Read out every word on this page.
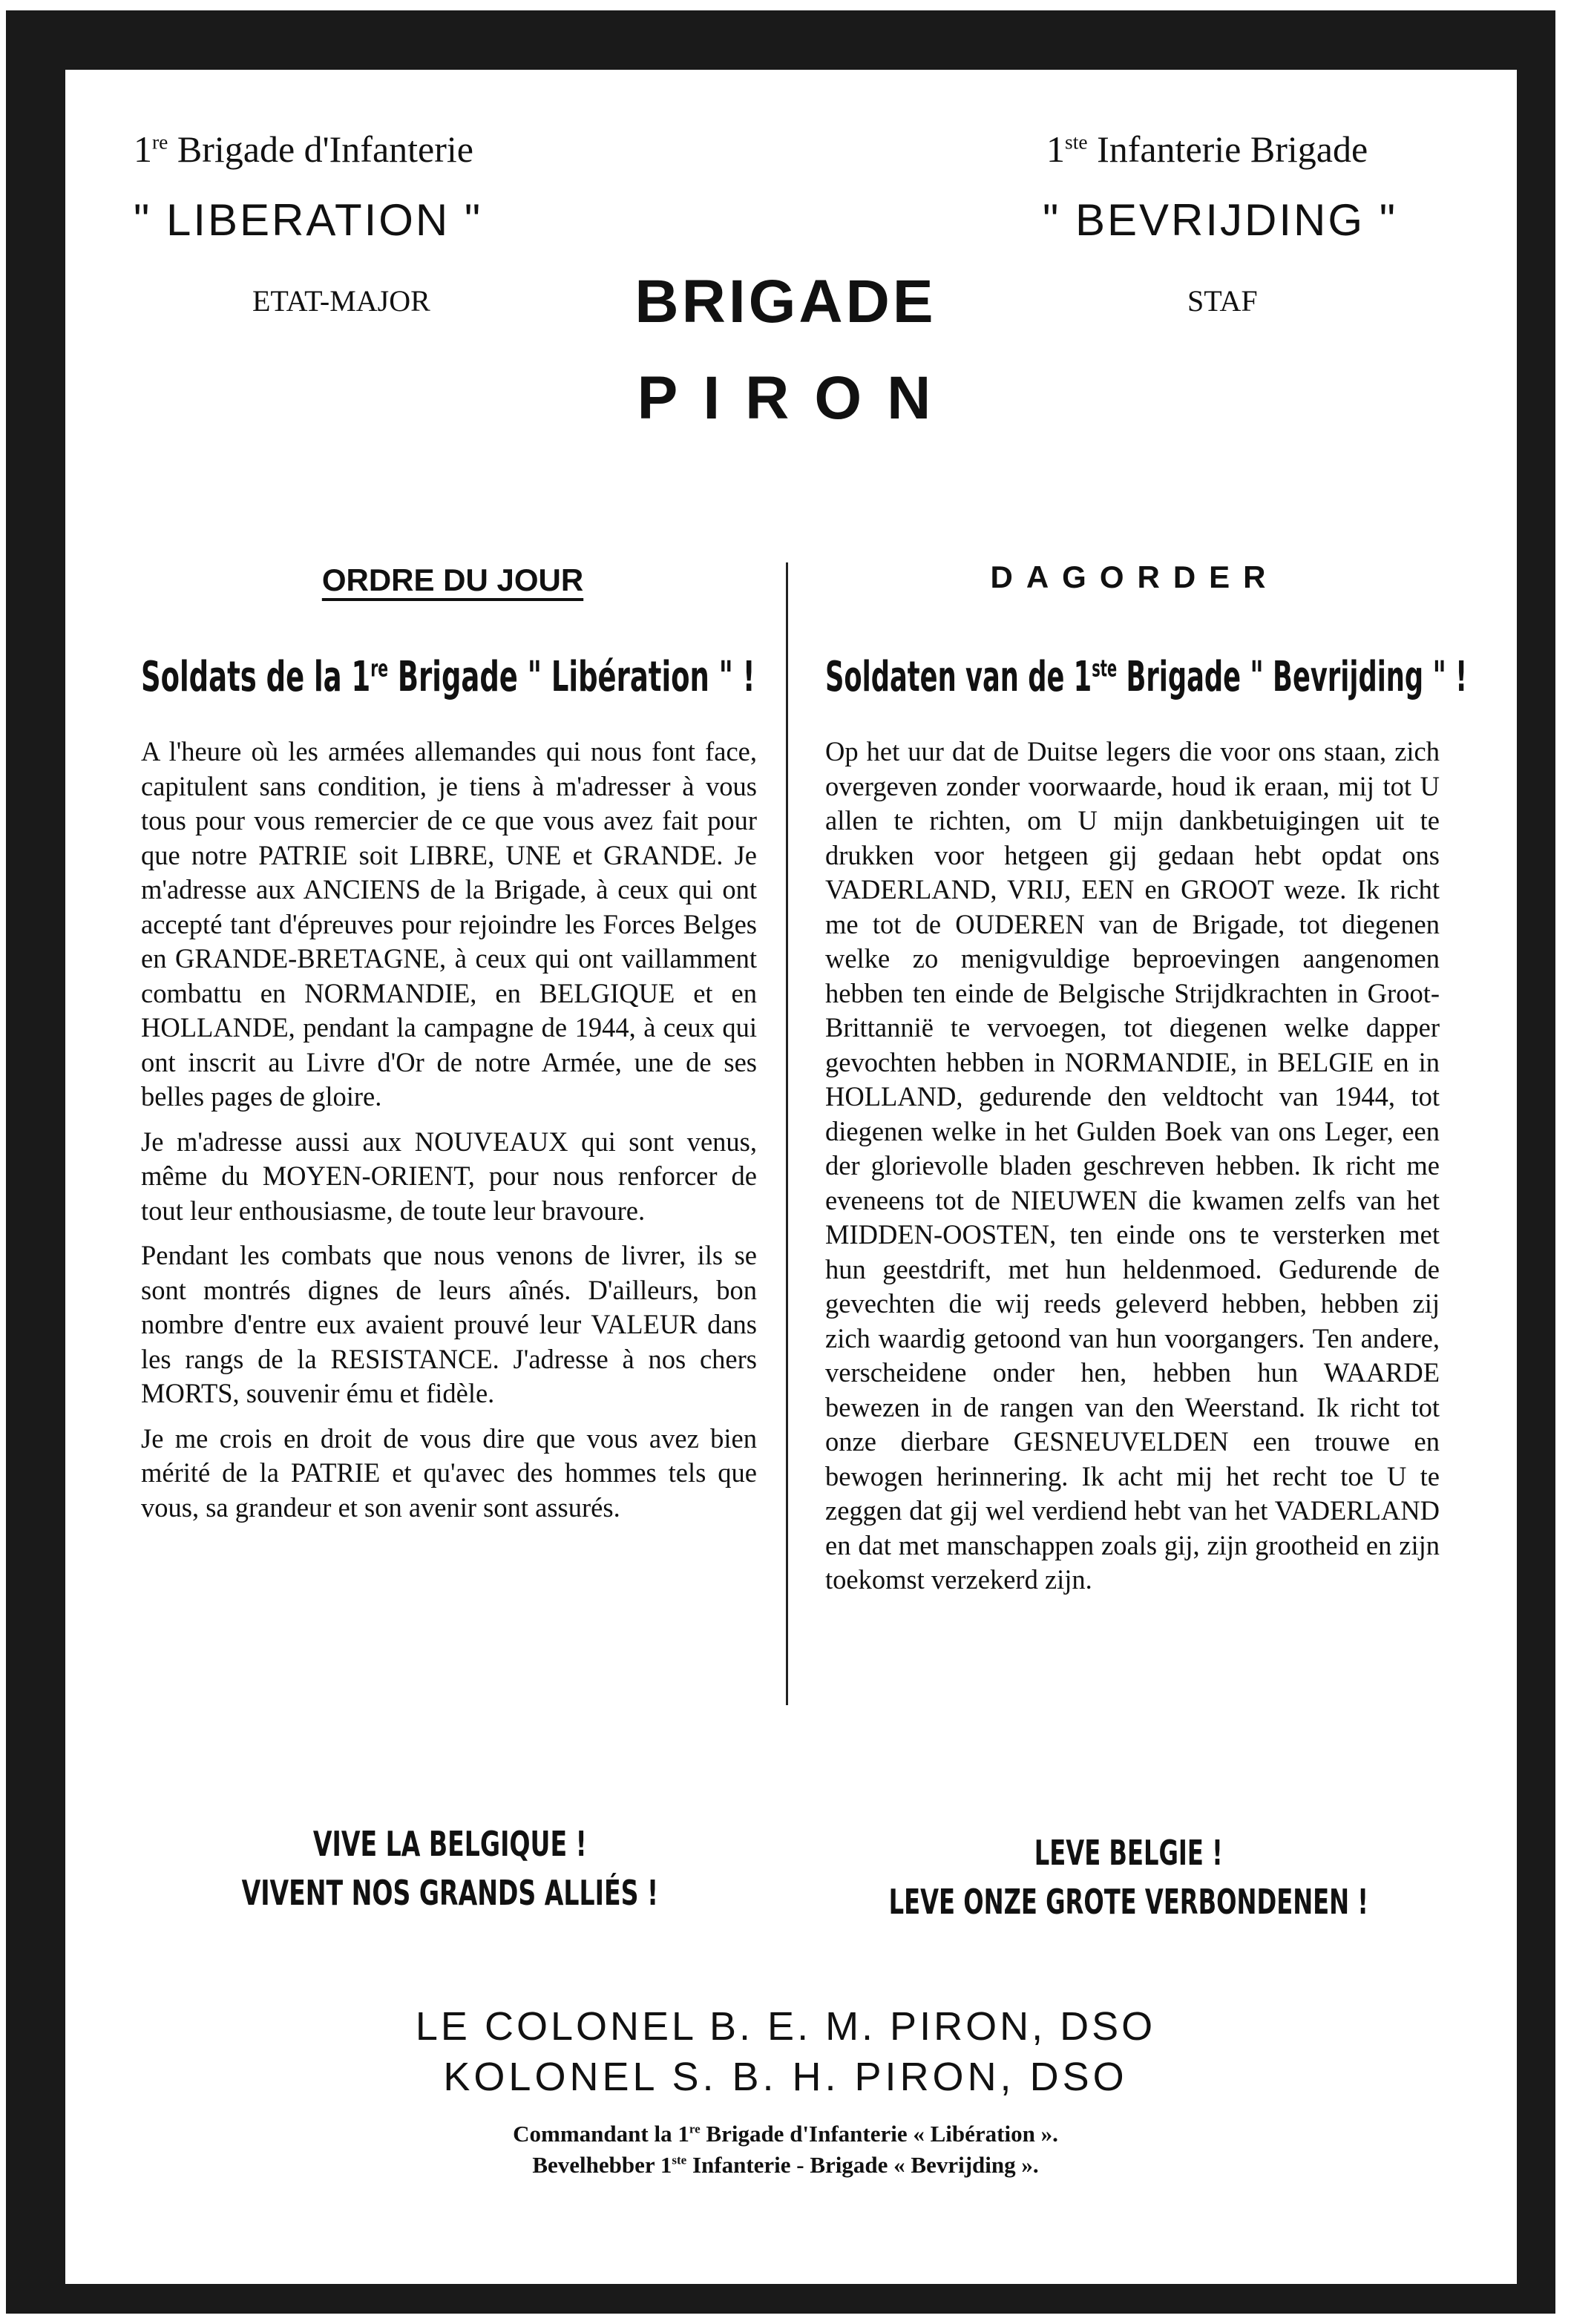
1re Brigade d'Infanterie
" LIBERATION "
ETAT-MAJOR
1ste Infanterie Brigade
" BEVRIJDING "
STAF
BRIGADE
PIRON
ORDRE DU JOUR
Soldats de la 1re Brigade " Libération " !

A l'heure où les armées allemandes qui nous font face, capitulent sans condition, je tiens à m'adresser à vous tous pour vous remercier de ce que vous avez fait pour que notre PATRIE soit LIBRE, UNE et GRANDE. Je m'adresse aux ANCIENS de la Brigade, à ceux qui ont accepté tant d'épreuves pour rejoindre les Forces Belges en GRANDE-BRETAGNE, à ceux qui ont vaillamment combattu en NORMANDIE, en BELGIQUE et en HOLLANDE, pendant la campagne de 1944, à ceux qui ont inscrit au Livre d'Or de notre Armée, une de ses belles pages de gloire.

Je m'adresse aussi aux NOUVEAUX qui sont venus, même du MOYEN-ORIENT, pour nous renforcer de tout leur enthousiasme, de toute leur bravoure.

Pendant les combats que nous venons de livrer, ils se sont montrés dignes de leurs aînés. D'ailleurs, bon nombre d'entre eux avaient prouvé leur VALEUR dans les rangs de la RESISTANCE. J'adresse à nos chers MORTS, souvenir ému et fidèle.

Je me crois en droit de vous dire que vous avez bien mérité de la PATRIE et qu'avec des hommes tels que vous, sa grandeur et son avenir sont assurés.

VIVE LA BELGIQUE !
VIVENT NOS GRANDS ALLIÉS !
DAGORDER
Soldaten van de 1ste Brigade " Bevrijding " !

Op het uur dat de Duitse legers die voor ons staan, zich overgeven zonder voorwaarde, houd ik eraan, mij tot U allen te richten, om U mijn dankbetuigingen uit te drukken voor hetgeen gij gedaan hebt opdat ons VADERLAND, VRIJ, EEN en GROOT weze. Ik richt me tot de OUDEREN van de Brigade, tot diegenen welke zo menigvuldige beproevingen aangenomen hebben ten einde de Belgische Strijdkrachten in Groot-Brittannië te vervoegen, tot diegenen welke dapper gevochten hebben in NORMANDIE, in BELGIE en in HOLLAND, gedurende den veldtocht van 1944, tot diegenen welke in het Gulden Boek van ons Leger, een der glorievolle bladen geschreven hebben. Ik richt me eveneens tot de NIEUWEN die kwamen zelfs van het MIDDEN-OOSTEN, ten einde ons te versterken met hun geestdrift, met hun heldenmoed. Gedurende de gevechten die wij reeds geleverd hebben, hebben zij zich waardig getoond van hun voorgangers. Ten andere, verscheidene onder hen, hebben hun WAARDE bewezen in de rangen van den Weerstand. Ik richt tot onze dierbare GESNEUVELDEN een trouwe en bewogen herinnering. Ik acht mij het recht toe U te zeggen dat gij wel verdiend hebt van het VADERLAND en dat met manschappen zoals gij, zijn grootheid en zijn toekomst verzekerd zijn.

LEVE BELGIE !
LEVE ONZE GROTE VERBONDENEN !
LE COLONEL B. E. M. PIRON, DSO
KOLONEL S. B. H. PIRON, DSO
Commandant la 1re Brigade d'Infanterie « Libération ».
Bevelhebber 1ste Infanterie - Brigade « Bevrijding ».
